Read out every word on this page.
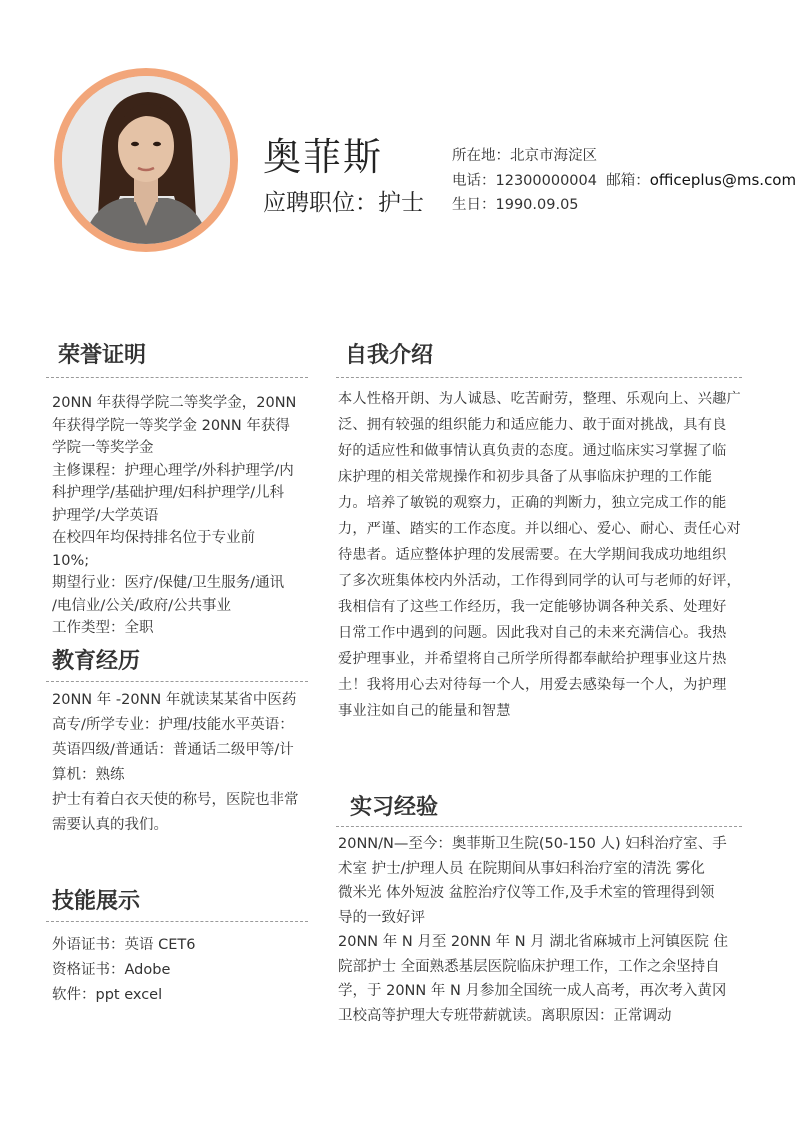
奥菲斯
应聘职位：护士
所在地：北京市海淀区
电话：12300000004 邮箱：officeplus@ms.com
生日：1990.09.05
荣誉证明

20NN 年获得学院二等奖学金，20NN

年获得学院一等奖学金 20NN 年获得

学院一等奖学金

主修课程：护理心理学/外科护理学/内

科护理学/基础护理/妇科护理学/儿科

护理学/大学英语

在校四年均保持排名位于专业前

10%;

期望行业：医疗/保健/卫生服务/通讯

/电信业/公关/政府/公共事业

工作类型：全职

教育经历

20NN 年 -20NN 年就读某某省中医药

高专/所学专业：护理/技能水平英语：

英语四级/普通话：普通话二级甲等/计

算机：熟练

护士有着白衣天使的称号，医院也非常

需要认真的我们。

技能展示

外语证书：英语 CET6

资格证书：Adobe

软件：ppt excel

自我介绍

本人性格开朗、为人诚恳、吃苦耐劳，整理、乐观向上、兴趣广

泛、拥有较强的组织能力和适应能力、敢于面对挑战，具有良

好的适应性和做事情认真负责的态度。通过临床实习掌握了临

床护理的相关常规操作和初步具备了从事临床护理的工作能

力。培养了敏锐的观察力，正确的判断力，独立完成工作的能

力，严谨、踏实的工作态度。并以细心、爱心、耐心、责任心对

待患者。适应整体护理的发展需要。在大学期间我成功地组织

了多次班集体校内外活动，工作得到同学的认可与老师的好评，

我相信有了这些工作经历，我一定能够协调各种关系、处理好

日常工作中遇到的问题。因此我对自己的未来充满信心。我热

爱护理事业，并希望将自己所学所得都奉献给护理事业这片热

土！我将用心去对待每一个人，用爱去感染每一个人，为护理

事业注如自己的能量和智慧

实习经验

20NN/N—至今：奥菲斯卫生院(50-150 人) 妇科治疗室、手

术室 护士/护理人员 在院期间从事妇科治疗室的清洗 雾化

微米光 体外短波 盆腔治疗仪等工作,及手术室的管理得到领

导的一致好评

20NN 年 N 月至 20NN 年 N 月 湖北省麻城市上河镇医院 住

院部护士 全面熟悉基层医院临床护理工作，工作之余坚持自

学，于 20NN 年 N 月参加全国统一成人高考，再次考入黄冈

卫校高等护理大专班带薪就读。离职原因：正常调动
